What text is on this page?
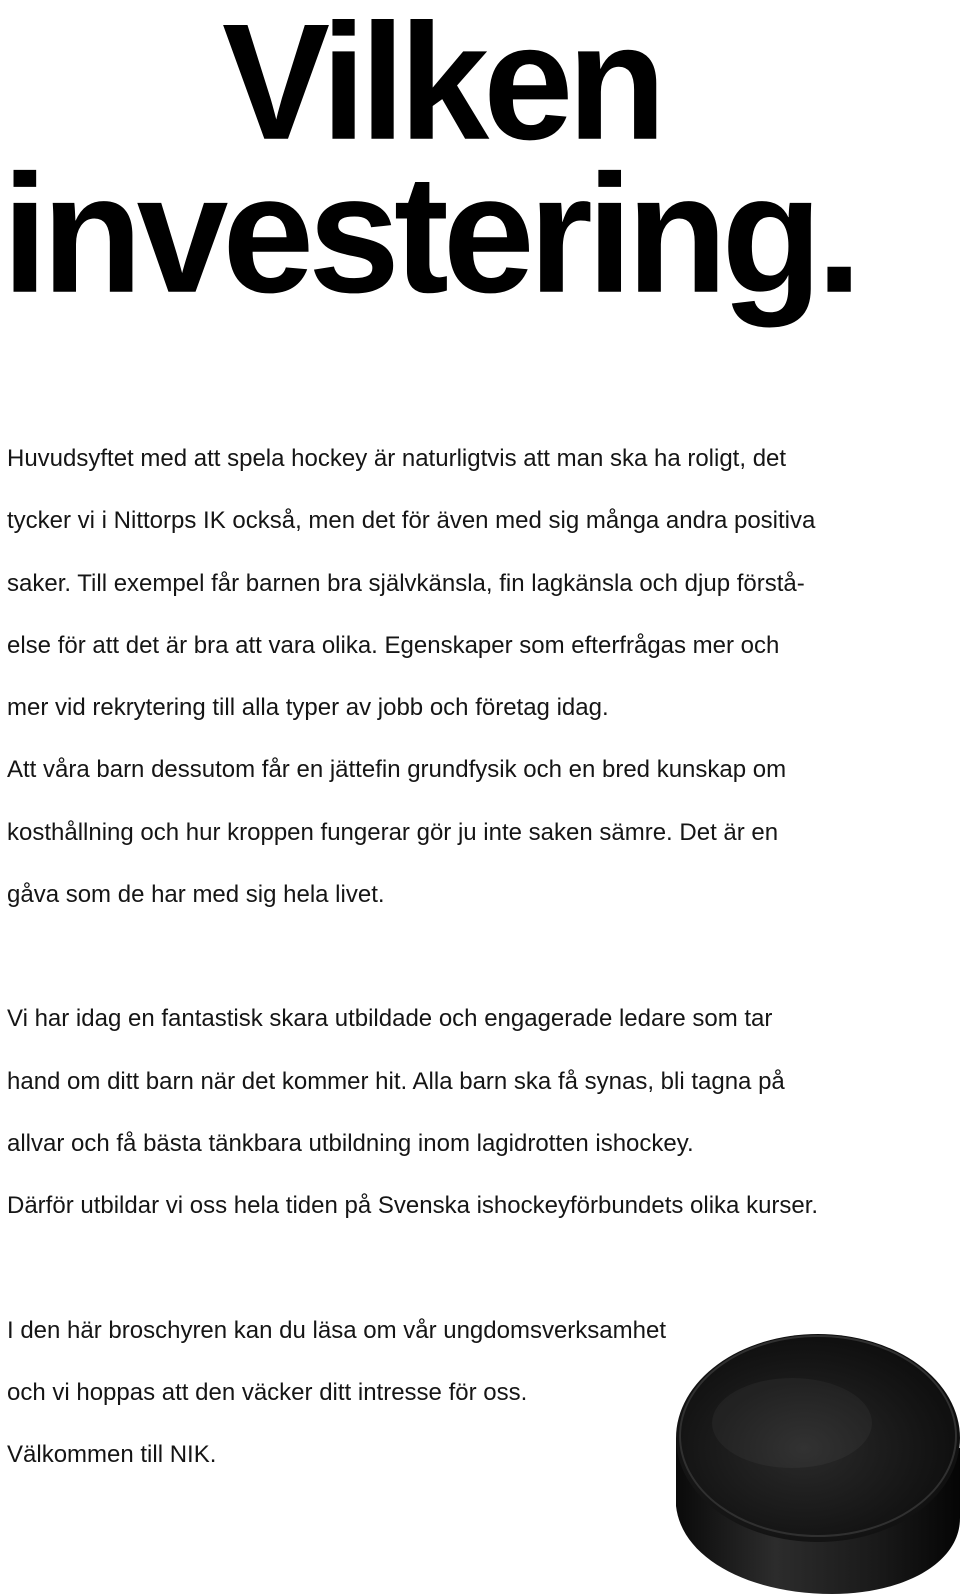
Vilken
investering.

Huvudsyftet med att spela hockey är naturligtvis att man ska ha roligt, det
tycker vi i Nittorps IK också, men det för även med sig många andra positiva
saker. Till exempel får barnen bra självkänsla, fin lagkänsla och djup förstå-
else för att det är bra att vara olika. Egenskaper som efterfrågas mer och
mer vid rekrytering till alla typer av jobb och företag idag.
Att våra barn dessutom får en jättefin grundfysik och en bred kunskap om
kosthållning och hur kroppen fungerar gör ju inte saken sämre. Det är en
gåva som de har med sig hela livet.

Vi har idag en fantastisk skara utbildade och engagerade ledare som tar
hand om ditt barn när det kommer hit. Alla barn ska få synas, bli tagna på
allvar och få bästa tänkbara utbildning inom lagidrotten ishockey.
Därför utbildar vi oss hela tiden på Svenska ishockeyförbundets olika kurser.

I den här broschyren kan du läsa om vår ungdomsverksamhet
och vi hoppas att den väcker ditt intresse för oss.
Välkommen till NIK.
